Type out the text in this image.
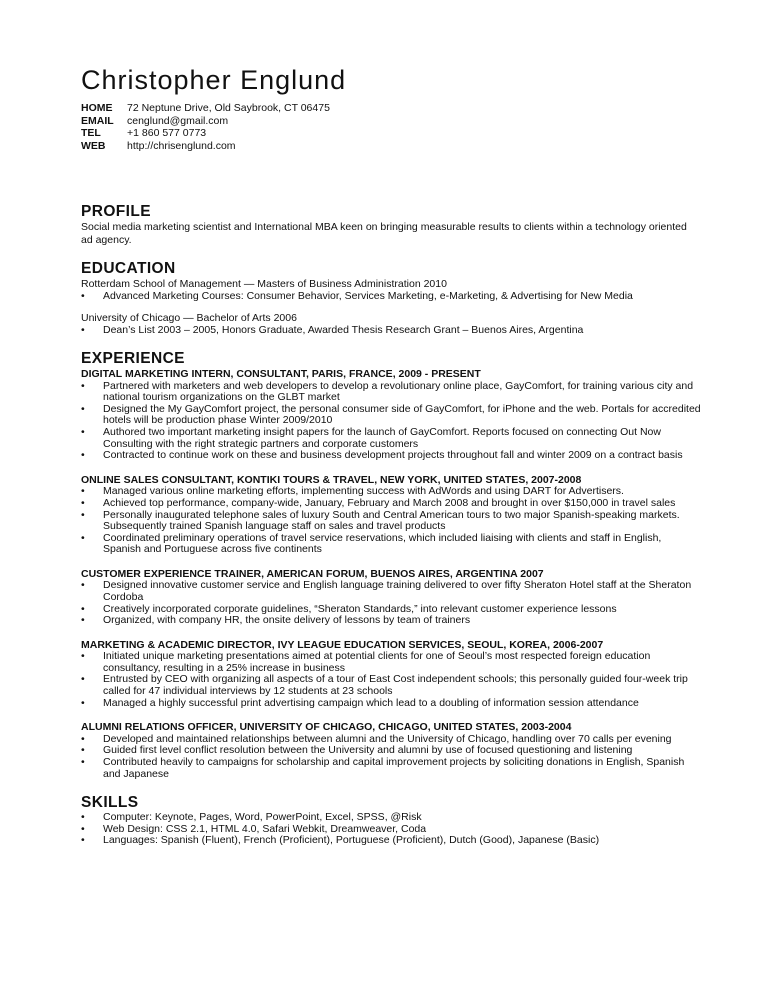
Christopher Englund
HOME	72 Neptune Drive, Old Saybrook, CT 06475
EMAIL	cenglund@gmail.com
TEL	+1 860 577 0773
WEB	http://chrisenglund.com
PROFILE
Social media marketing scientist and International MBA keen on bringing measurable results to clients within a technology oriented ad agency.
EDUCATION
Rotterdam School of Management — Masters of Business Administration 2010
• Advanced Marketing Courses: Consumer Behavior, Services Marketing, e-Marketing, & Advertising for New Media
University of Chicago — Bachelor of Arts 2006
• Dean’s List 2003 – 2005, Honors Graduate, Awarded Thesis Research Grant – Buenos Aires, Argentina
EXPERIENCE
DIGITAL MARKETING INTERN, CONSULTANT, PARIS, FRANCE, 2009 - PRESENT
• Partnered with marketers and web developers to develop a revolutionary online place, GayComfort, for training various city and national tourism organizations on the GLBT market
• Designed the My GayComfort project, the personal consumer side of GayComfort, for iPhone and the web. Portals for accredited hotels will be production phase Winter 2009/2010
• Authored two important marketing insight papers for the launch of GayComfort. Reports focused on connecting Out Now Consulting with the right strategic partners and corporate customers
• Contracted to continue work on these and business development projects throughout fall and winter 2009 on a contract basis
ONLINE SALES CONSULTANT, KONTIKI TOURS & TRAVEL, NEW YORK, UNITED STATES, 2007-2008
• Managed various online marketing efforts, implementing success with AdWords and using DART for Advertisers.
• Achieved top performance, company-wide, January, February and March 2008 and brought in over $150,000 in travel sales
• Personally inaugurated telephone sales of luxury South and Central American tours to two major Spanish-speaking markets. Subsequently trained Spanish language staff on sales and travel products
• Coordinated preliminary operations of travel service reservations, which included liaising with clients and staff in English, Spanish and Portuguese across five continents
CUSTOMER EXPERIENCE TRAINER, AMERICAN FORUM, BUENOS AIRES, ARGENTINA 2007
• Designed innovative customer service and English language training delivered to over fifty Sheraton Hotel staff at the Sheraton Cordoba
• Creatively incorporated corporate guidelines, “Sheraton Standards,” into relevant customer experience lessons
• Organized, with company HR, the onsite delivery of lessons by team of trainers
MARKETING & ACADEMIC DIRECTOR, IVY LEAGUE EDUCATION SERVICES, SEOUL, KOREA, 2006-2007
• Initiated unique marketing presentations aimed at potential clients for one of Seoul’s most respected foreign education consultancy, resulting in a 25% increase in business
• Entrusted by CEO with organizing all aspects of a tour of East Cost independent schools; this personally guided four-week trip called for 47 individual interviews by 12 students at 23 schools
• Managed a highly successful print advertising campaign which lead to a doubling of information session attendance
ALUMNI RELATIONS OFFICER, UNIVERSITY OF CHICAGO, CHICAGO, UNITED STATES, 2003-2004
• Developed and maintained relationships between alumni and the University of Chicago, handling over 70 calls per evening
• Guided first level conflict resolution between the University and alumni by use of focused questioning and listening
• Contributed heavily to campaigns for scholarship and capital improvement projects by soliciting donations in English, Spanish and Japanese
SKILLS
• Computer: Keynote, Pages, Word, PowerPoint, Excel, SPSS, @Risk
• Web Design: CSS 2.1, HTML 4.0, Safari Webkit, Dreamweaver, Coda
• Languages: Spanish (Fluent), French (Proficient), Portuguese (Proficient), Dutch (Good), Japanese (Basic)
